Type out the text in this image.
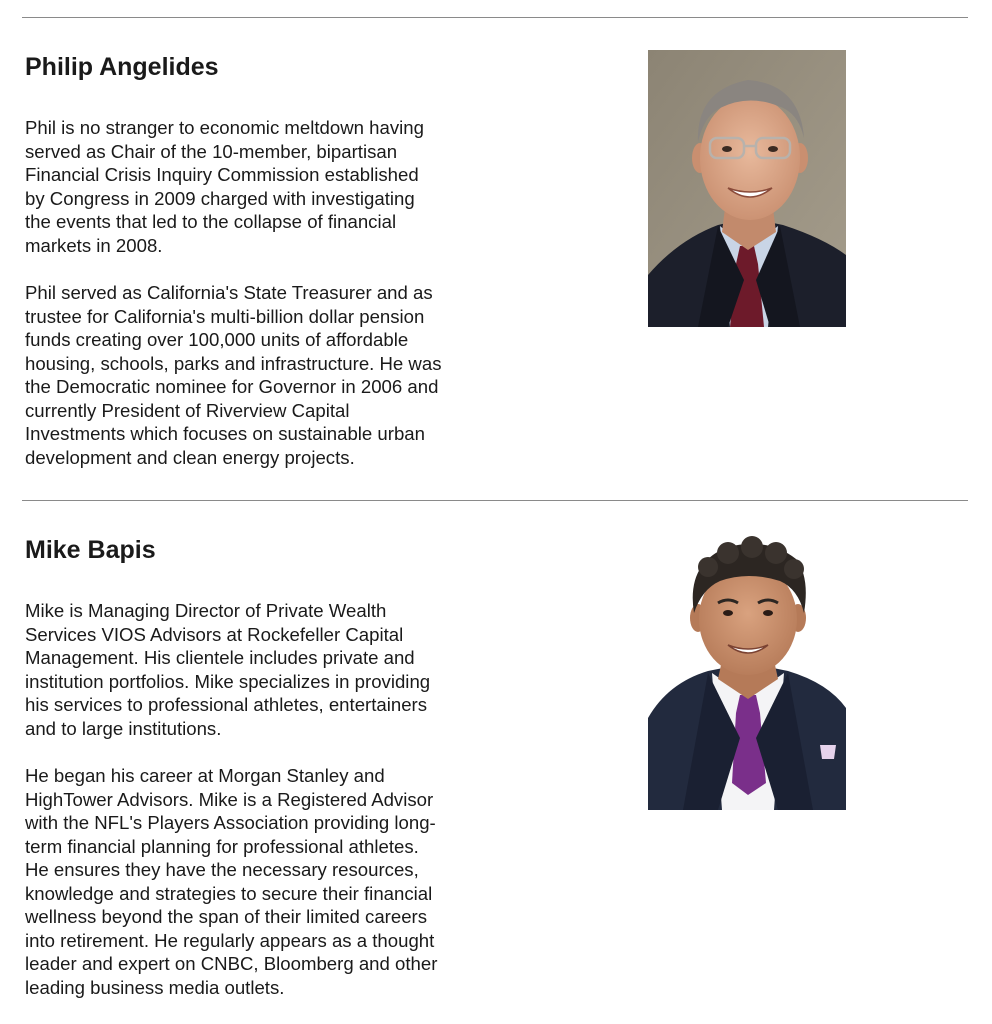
Philip Angelides

Phil is no stranger to economic meltdown having
served as Chair of the 10-member, bipartisan
Financial Crisis Inquiry Commission established
by Congress in 2009 charged with investigating
the events that led to the collapse of financial
markets in 2008.

Phil served as California's State Treasurer and as
trustee for California's multi-billion dollar pension
funds creating over 100,000 units of affordable
housing, schools, parks and infrastructure. He was
the Democratic nominee for Governor in 2006 and
currently President of Riverview Capital
Investments which focuses on sustainable urban
development and clean energy projects.

Mike Bapis

Mike is Managing Director of Private Wealth
Services VIOS Advisors at Rockefeller Capital
Management. His clientele includes private and
institution portfolios. Mike specializes in providing
his services to professional athletes, entertainers
and to large institutions.

He began his career at Morgan Stanley and
HighTower Advisors. Mike is a Registered Advisor
with the NFL's Players Association providing long-
term financial planning for professional athletes.
He ensures they have the necessary resources,
knowledge and strategies to secure their financial
wellness beyond the span of their limited careers
into retirement. He regularly appears as a thought
leader and expert on CNBC, Bloomberg and other
leading business media outlets.
